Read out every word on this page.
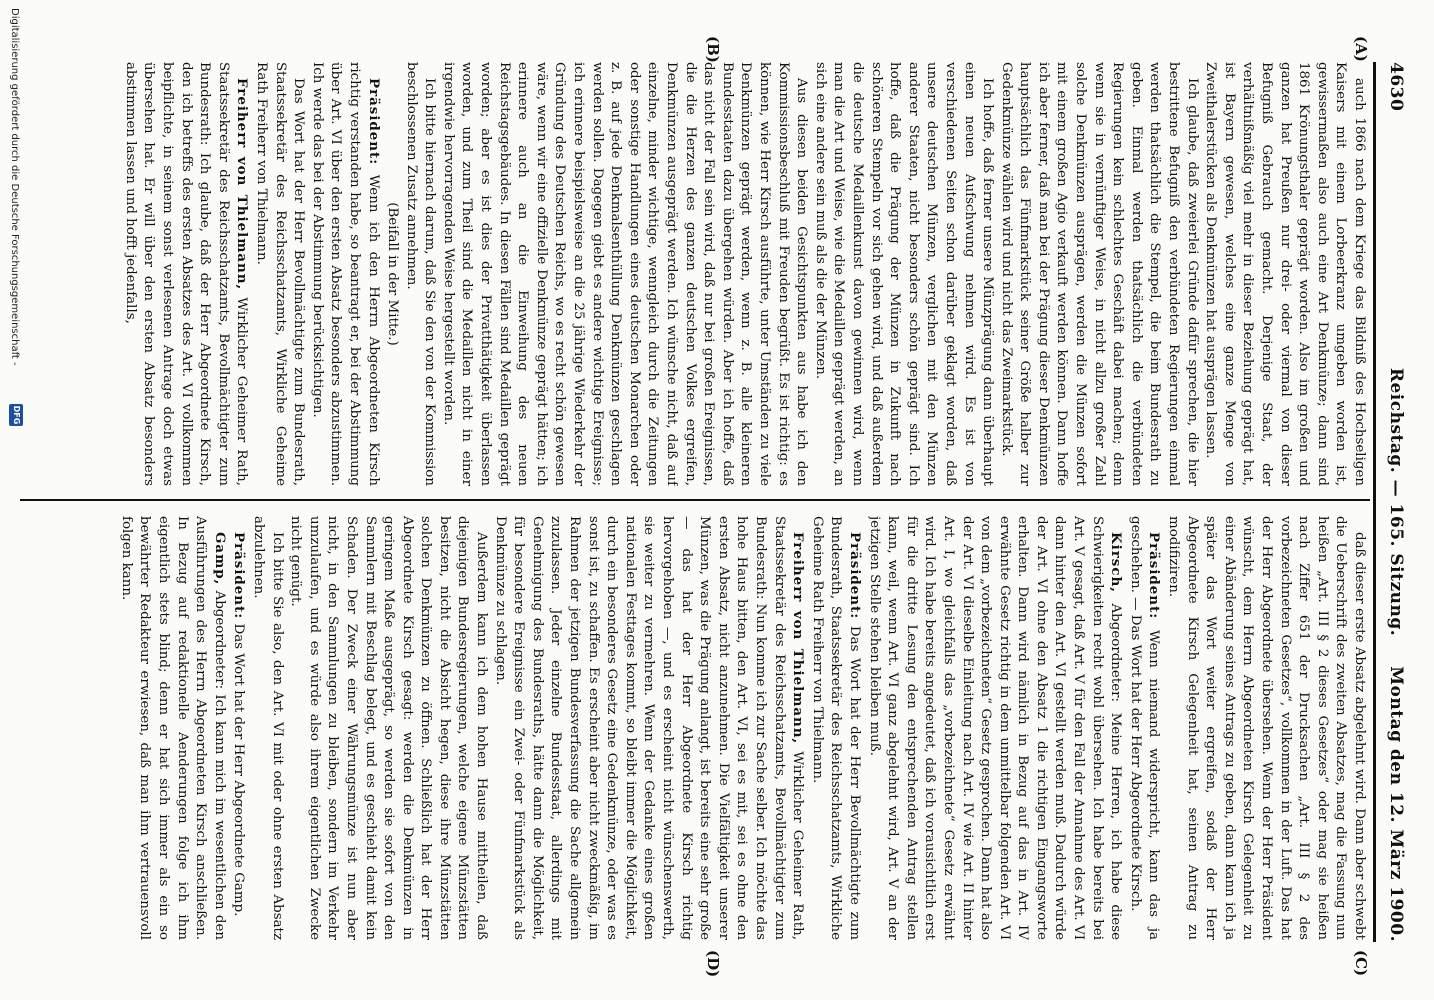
4630
Reichstag. — 165. Sitzung.
Montag den 12. März 1900.
(A)
(B)
(C)
(D)

auch 1866 nach dem Kriege das Bildniß des Hochseligen Kaisers mit einem Lorbeerkranz umgeben worden ist, gewissermaßen also auch eine Art Denkmünze; dann sind 1861 Krönungsthaler geprägt worden. Also im großen und ganzen hat Preußen nur drei- oder viermal von dieser Befugniß Gebrauch gemacht. Derjenige Staat, der verhältnißmäßig viel mehr in dieser Beziehung geprägt hat, ist Bayern gewesen, welches eine ganze Menge von Zweithalerstücken als Denkmünzen hat ausprägen lassen.

Ich glaube, daß zweierlei Gründe dafür sprechen, die hier bestrittene Befugniß den verbündeten Regierungen einmal werden thatsächlich die Stempel, die beim Bundesrath zu geben. Einmal werden thatsächlich die verbündeten Regierungen kein schlechtes Geschäft dabei machen; denn wenn sie in vernünftiger Weise, in nicht allzu großer Zahl solche Denkmünzen ausprägen, werden die Münzen sofort mit einem großen Agio verkauft werden können. Dann hoffe ich aber ferner, daß man bei der Prägung dieser Denkmünzen hauptsächlich das Fünfmarkstück seiner Größe halber zur Gedenkmünze wählen wird und nicht das Zweimarkstück.

Ich hoffe, daß ferner unsere Münzprägung dann überhaupt einen neuen Aufschwung nehmen wird. Es ist von verschiedenen Seiten schon darüber geklagt worden, daß unsere deutschen Münzen, verglichen mit den Münzen anderer Staaten, nicht besonders schön geprägt sind. Ich hoffe, daß die Prägung der Münzen in Zukunft nach schöneren Stempeln vor sich gehen wird, und daß außerdem die deutsche Medaillenkunst davon gewinnen wird, wenn man die Art und Weise, wie die Medaillen geprägt werden, an sich eine andere sein muß als die der Münzen.

Aus diesen beiden Gesichtspunkten aus habe ich den Kommissionsbeschluß mit Freuden begrüßt. Es ist richtig: es können, wie Herr Kirsch ausführte, unter Umständen zu viele Denkmünzen geprägt werden, wenn z. B. alle kleineren Bundesstaaten dazu übergehen würden. Aber ich hoffe, daß das nicht der Fall sein wird, daß nur bei großen Ereignissen, die die Herzen des ganzen deutschen Volkes ergreifen, Denkmünzen ausgeprägt werden. Ich wünsche nicht, daß auf einzelne, minder wichtige, wenngleich durch die Zeitungen oder sonstige Handlungen eines deutschen Monarchen oder z. B. auf jede Denkmalsenthüllung Denkmünzen geschlagen werden sollen. Dagegen giebt es andere wichtige Ereignisse; ich erinnere beispielsweise an die 25 jährige Wiederkehr der Gründung des Deutschen Reichs, wo es recht schön gewesen wäre, wenn wir eine offizielle Denkmünze geprägt hätten; ich erinnere auch an die Einweihung des neuen Reichstagsgebäudes. In diesen Fällen sind Medaillen geprägt worden; aber es ist dies der Privatthätigkeit überlassen worden, und zum Theil sind die Medaillen nicht in einer irgendwie hervorragenden Weise hergestellt worden.

Ich bitte hiernach darum, daß Sie den von der Kommission beschlossenen Zusatz annehmen.

(Beifall in der Mitte.)

Präsident: Wenn ich den Herrn Abgeordneten Kirsch richtig verstanden habe, so beantragt er, bei der Abstimmung über Art. VI über den ersten Absatz besonders abzustimmen. Ich werde das bei der Abstimmung berücksichtigen.

Das Wort hat der Herr Bevollmächtigte zum Bundesrath, Staatssekretär des Reichsschatzamts, Wirkliche Geheime Rath Freiherr von Thielmann.

Freiherr von Thielmann, Wirklicher Geheimer Rath, Staatssekretär des Reichsschatzamts, Bevollmächtigter zum Bundesrath: Ich glaube, daß der Herr Abgeordnete Kirsch, den ich betreffs des ersten Absatzes des Art. VI vollkommen beipflichte, in seinem sonst verlesenen Antrage doch etwas übersehen hat. Er will über den ersten Absatz besonders abstimmen lassen und hofft jedenfalls,

daß dieser erste Absatz abgelehnt wird. Dann aber schwebt die Ueberschrift des zweiten Absatzes, mag die Fassung nun heißen „Art. III § 2 dieses Gesetzes“ oder mag sie heißen nach Ziffer 651 der Drucksachen „Art. III § 2 des vorbezeichneten Gesetzes“, vollkommen in der Luft. Das hat der Herr Abgeordnete übersehen. Wenn der Herr Präsident wünscht, dem Herrn Abgeordneten Kirsch Gelegenheit zu einer Abänderung seines Antrags zu geben, dann kann ich ja später das Wort weiter ergreifen, sodaß der Herr Abgeordnete Kirsch Gelegenheit hat, seinen Antrag zu modifiziren.

Präsident: Wenn niemand widerspricht, kann das ja geschehen. — Das Wort hat der Herr Abgeordnete Kirsch.

Kirsch, Abgeordneter: Meine Herren, ich habe diese Schwierigkeiten recht wohl übersehen. Ich habe bereits bei Art. V gesagt, daß Art. V für den Fall der Annahme des Art. VI dann hinter den Art. VI gestellt werden muß. Dadurch würde der Art. VI ohne den Absatz 1 die richtigen Eingangsworte erhalten. Dann wird nämlich in Bezug auf das in Art. IV erwähnte Gesetz richtig in dem unmittelbar folgenden Art. VI von dem „vorbezeichneten“ Gesetz gesprochen. Dann hat also der Art. VI dieselbe Einleitung nach Art. IV wie Art. II hinter Art. I, wo gleichfalls das „vorbezeichnete“ Gesetz erwähnt wird. Ich habe bereits angedeutet, daß ich vorausichtlich erst für die dritte Lesung den entsprechenden Antrag stellen kann, weil, wenn Art. VI ganz abgelehnt wird, Art. V an der jetzigen Stelle stehen bleiben muß.

Präsident: Das Wort hat der Herr Bevollmächtigte zum Bundesrath, Staatssekretär des Reichsschatzamts, Wirkliche Geheime Rath Freiherr von Thielmann.

Freiherr von Thielmann, Wirklicher Geheimer Rath, Staatssekretär des Reichsschatzamts, Bevollmächtigter zum Bundesrath: Nun komme ich zur Sache selber. Ich möchte das hohe Haus bitten, den Art. VI, sei es mit, sei es ohne den ersten Absatz, nicht anzunehmen. Die Vielfältigkeit unserer Münzen, was die Prägung anlangt, ist bereits eine sehr große — das hat der Herr Abgeordnete Kirsch richtig hervorgehoben —, und es erscheint nicht wünschenswerth, sie weiter zu vermehren. Wenn der Gedanke eines großen nationalen Festtages kommt, so bleibt immer die Möglichkeit, durch ein besonderes Gesetz eine Gedenkmünze, oder was es sonst ist, zu schaffen. Es erscheint aber nicht zweckmäßig, im Rahmen der jetzigen Bundesverfassung die Sache allgemein zuzulassen. Jeder einzelne Bundesstaat, allerdings mit Genehmigung des Bundesraths, hätte dann die Möglichkeit, für besondere Ereignisse ein Zwei- oder Fünfmarkstück als Denkmünze zu schlagen.

Außerdem kann ich dem hohen Hause mittheilen, daß diejenigen Bundesregierungen, welche eigene Münzstätten besitzen, nicht die Absicht hegen, diese ihre Münzstätten solchen Denkmünzen zu öffnen. Schließlich hat der Herr Abgeordnete Kirsch gesagt: werden die Denkmünzen in geringem Maße ausgeprägt, so werden sie sofort von den Sammlern mit Beschlag belegt, und es geschieht damit kein Schaden. Der Zweck einer Währungsmünze ist nun aber nicht, in den Sammlungen zu bleiben, sondern im Verkehr umzulaufen, und es würde also ihrem eigentlichen Zwecke nicht genügt.

Ich bitte Sie also, den Art. VI mit oder ohne ersten Absatz abzulehnen.

Präsident: Das Wort hat der Herr Abgeordnete Gamp.

Gamp, Abgeordneter: Ich kann mich im wesentlichen den Ausführungen des Herrn Abgeordneten Kirsch anschließen. In Bezug auf redaktionelle Aenderungen folge ich ihm eigentlich stets blind; denn er hat sich immer als ein so bewährter Redakteur erwiesen, daß man ihm vertrauensvoll folgen kann.

Digitalisierung gefördert durch die Deutsche Forschungsgemeinschaft -
DFG
